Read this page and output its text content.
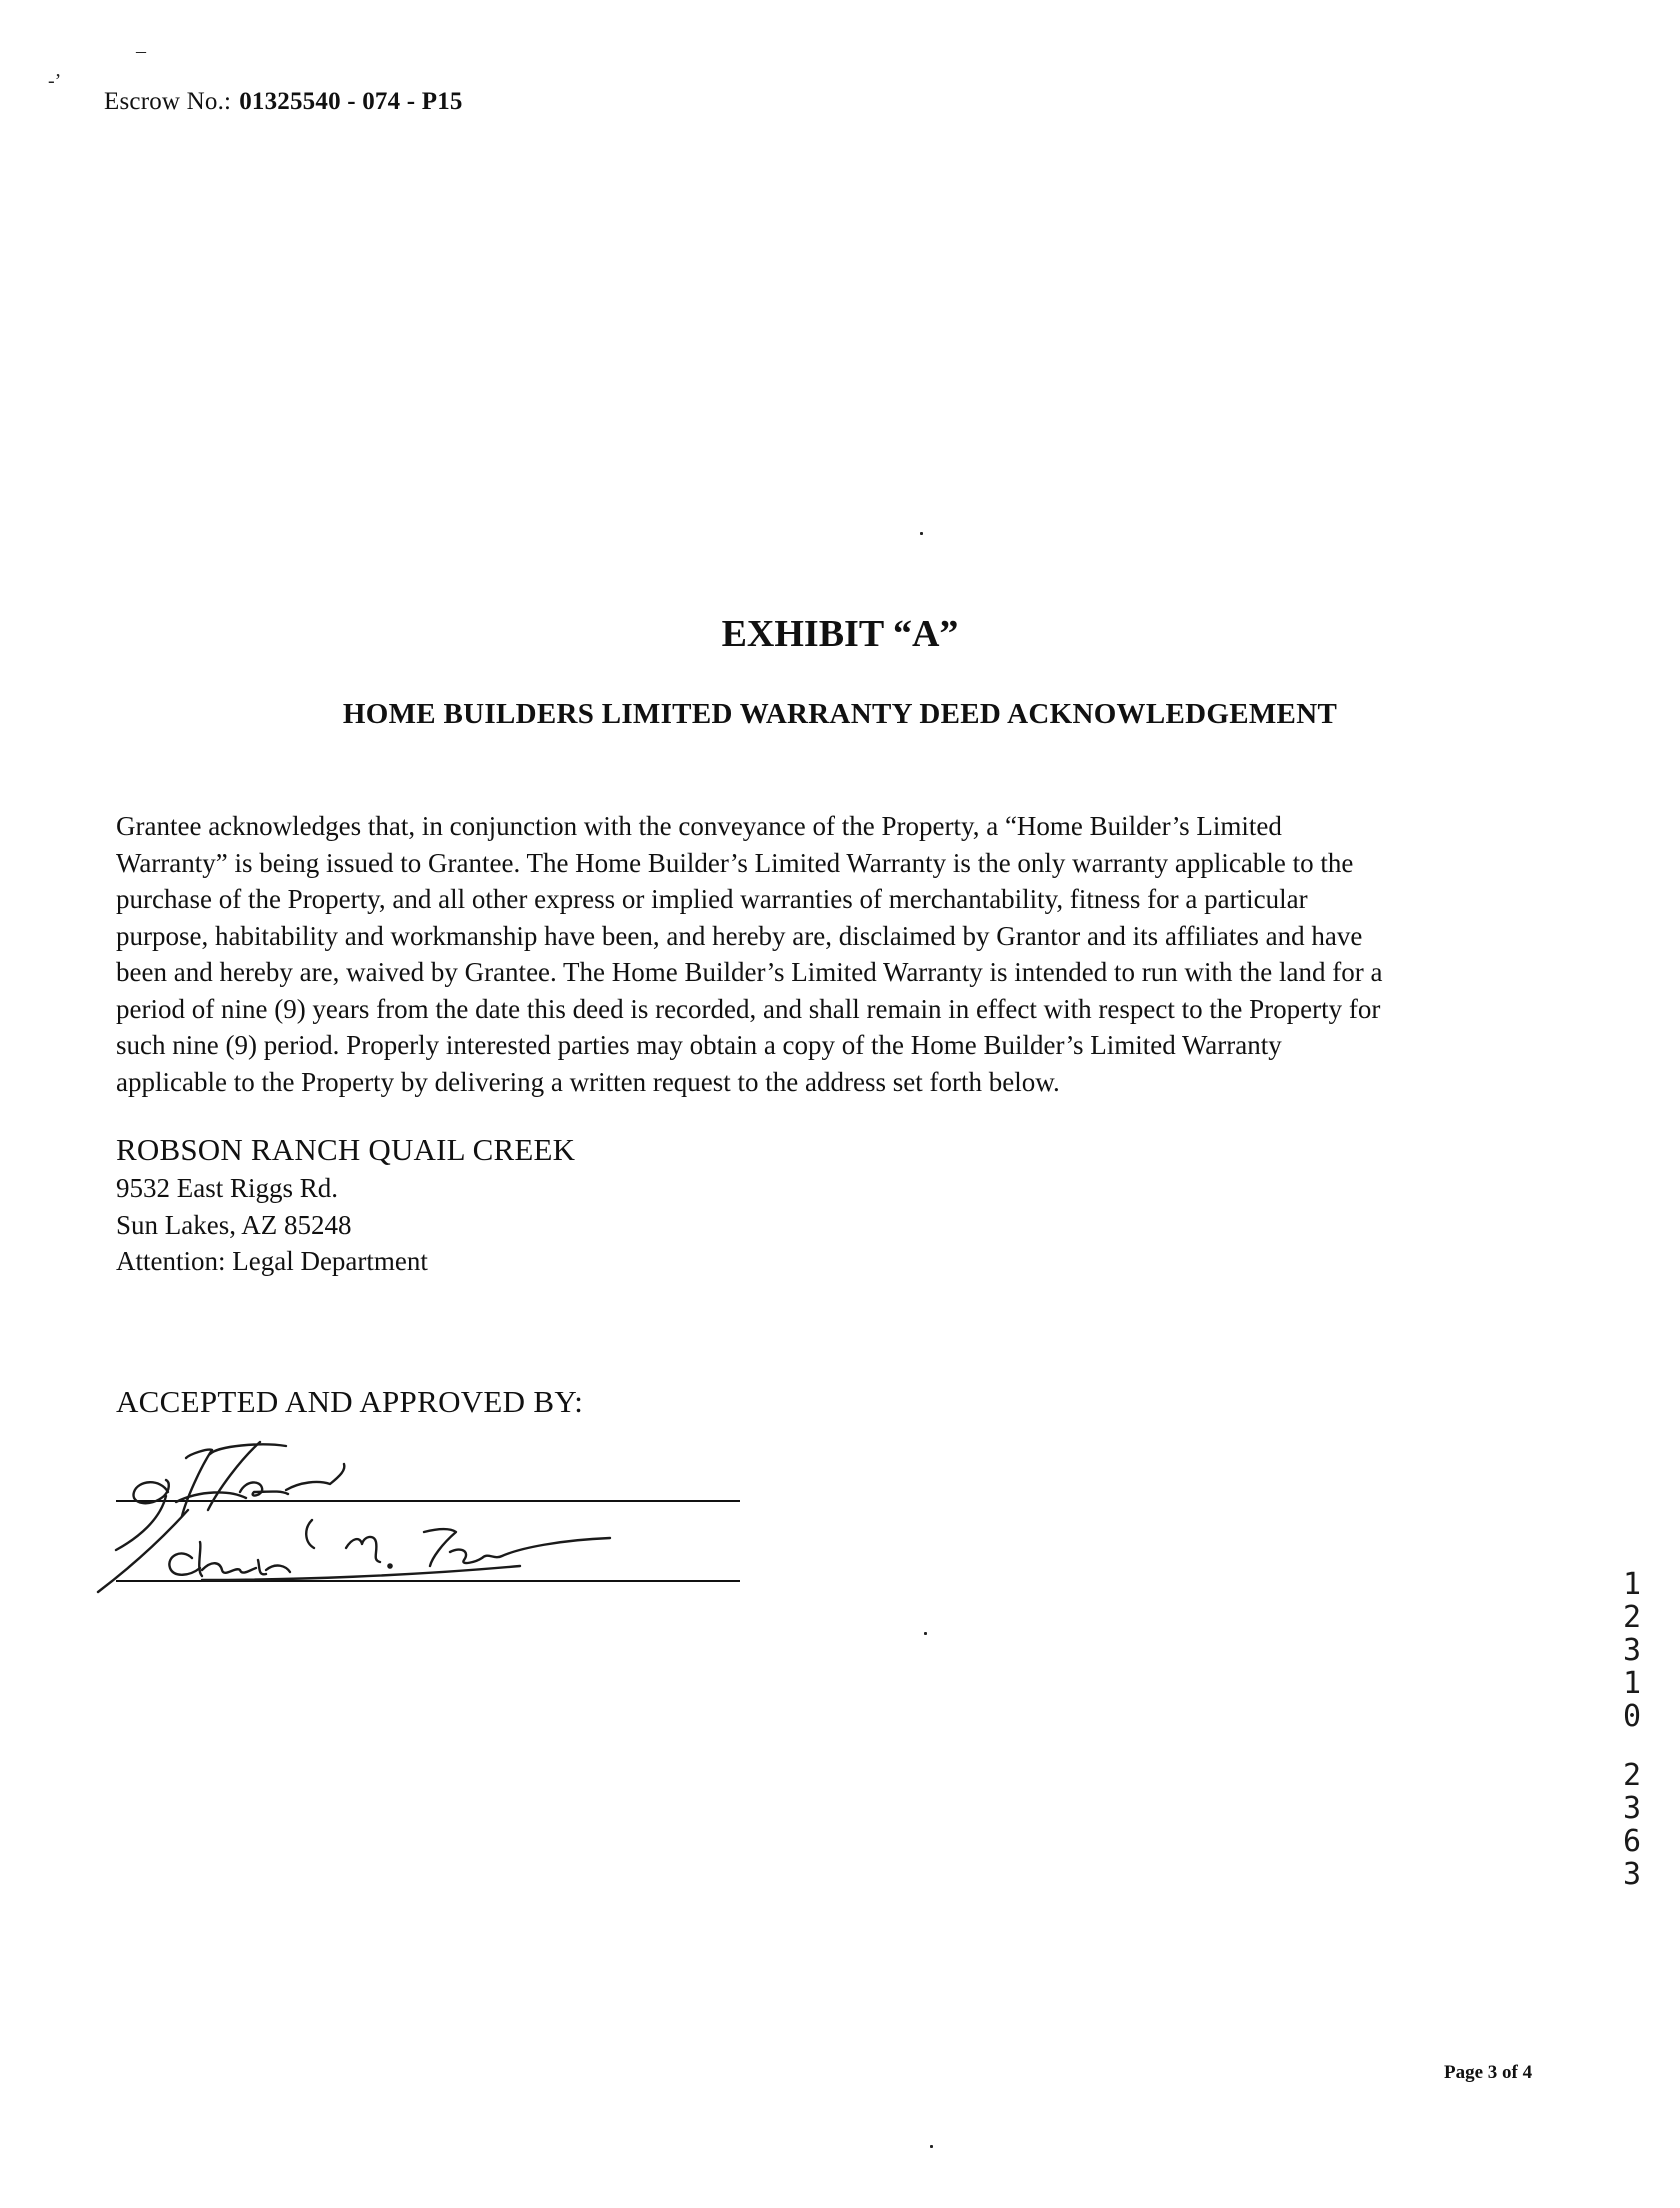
‒
‐’
Escrow No.: 01325540 - 074 - P15
EXHIBIT “A”
HOME BUILDERS LIMITED WARRANTY DEED ACKNOWLEDGEMENT
Grantee acknowledges that, in conjunction with the conveyance of the Property, a “Home Builder’s Limited
Warranty” is being issued to Grantee. The Home Builder’s Limited Warranty is the only warranty applicable to the
purchase of the Property, and all other express or implied warranties of merchantability, fitness for a particular
purpose, habitability and workmanship have been, and hereby are, disclaimed by Grantor and its affiliates and have
been and hereby are, waived by Grantee. The Home Builder’s Limited Warranty is intended to run with the land for a
period of nine (9) years from the date this deed is recorded, and shall remain in effect with respect to the Property for
such nine (9) period. Properly interested parties may obtain a copy of the Home Builder’s Limited Warranty
applicable to the Property by delivering a written request to the address set forth below.
ROBSON RANCH QUAIL CREEK
9532 East Riggs Rd.
Sun Lakes, AZ 85248
Attention: Legal Department
ACCEPTED AND APPROVED BY:
1
2
3
1
0
2
3
6
3
Page 3 of 4
